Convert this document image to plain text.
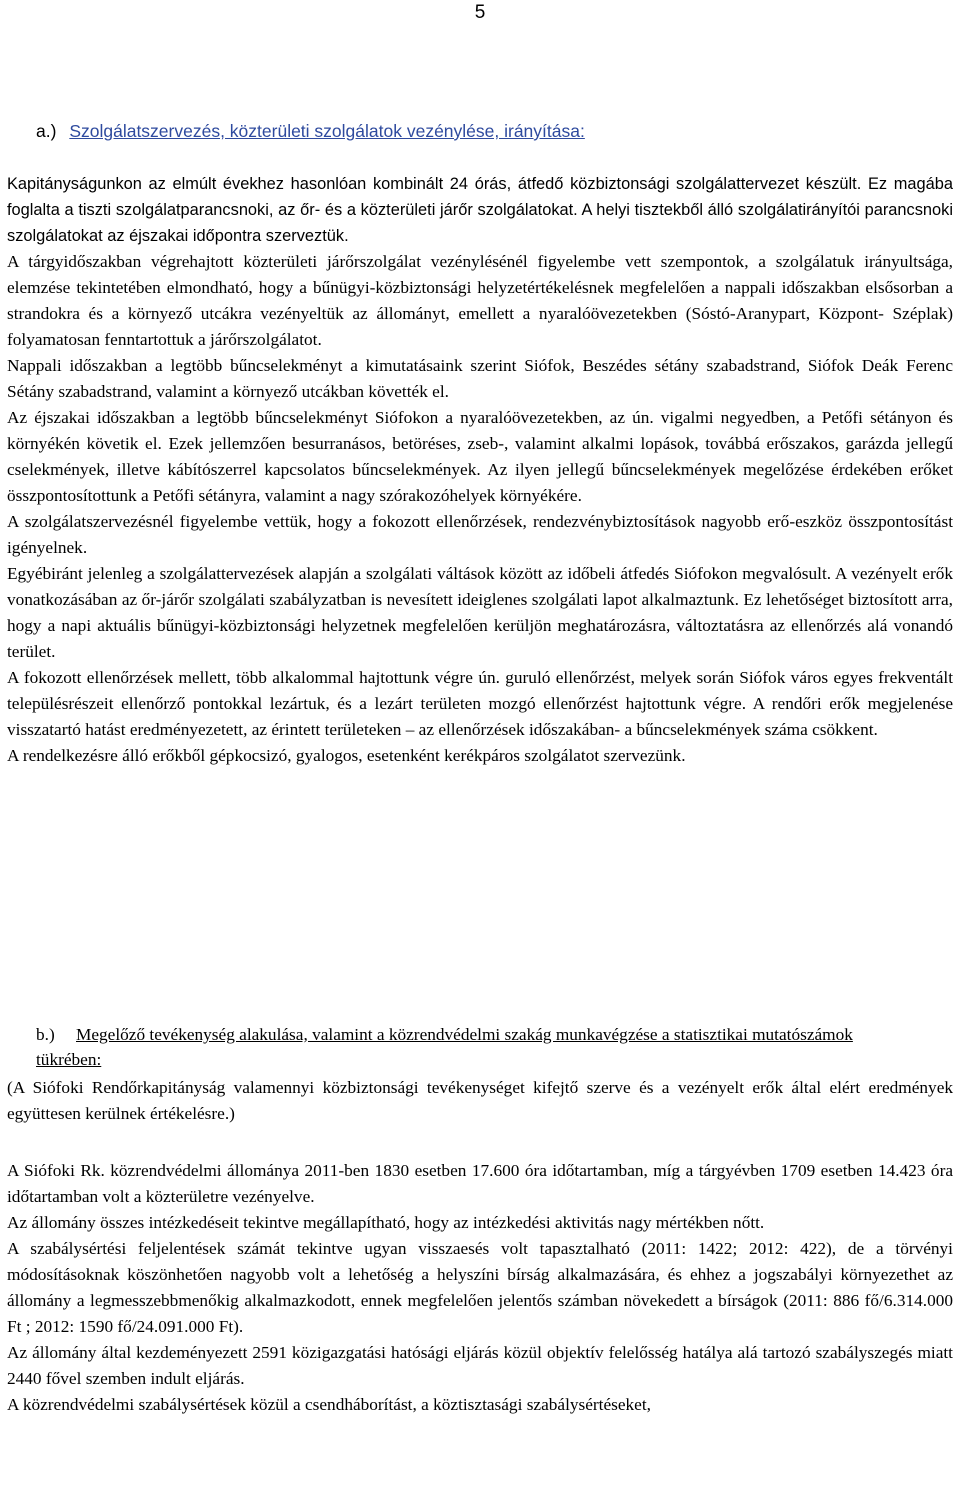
5
a.) Szolgálatszervezés, közterületi szolgálatok vezénylése, irányítása:

Kapitányságunkon az elmúlt évekhez hasonlóan kombinált 24 órás, átfedő közbiztonsági szolgálattervezet készült. Ez magába foglalta a tiszti szolgálatparancsnoki, az őr- és a közterületi járőr szolgálatokat. A helyi tisztekből álló szolgálatirányítói parancsnoki szolgálatokat az éjszakai időpontra szerveztük.

A tárgyidőszakban végrehajtott közterületi járőrszolgálat vezénylésénél figyelembe vett szempontok, a szolgálatuk irányultsága, elemzése tekintetében elmondható, hogy a bűnügyi-közbiztonsági helyzetértékelésnek megfelelően a nappali időszakban elsősorban a strandokra és a környező utcákra vezényeltük az állományt, emellett a nyaralóövezetekben (Sóstó-Aranypart, Központ- Széplak) folyamatosan fenntartottuk a járőrszolgálatot.

Nappali időszakban a legtöbb bűncselekményt a kimutatásaink szerint Siófok, Beszédes sétány szabadstrand, Siófok Deák Ferenc Sétány szabadstrand, valamint a környező utcákban követték el.

Az éjszakai időszakban a legtöbb bűncselekményt Siófokon a nyaralóövezetekben, az ún. vigalmi negyedben, a Petőfi sétányon és környékén követik el. Ezek jellemzően besurranásos, betöréses, zseb-, valamint alkalmi lopások, továbbá erőszakos, garázda jellegű cselekmények, illetve kábítószerrel kapcsolatos bűncselekmények. Az ilyen jellegű bűncselekmények megelőzése érdekében erőket összpontosítottunk a Petőfi sétányra, valamint a nagy szórakozóhelyek környékére.

A szolgálatszervezésnél figyelembe vettük, hogy a fokozott ellenőrzések, rendezvénybiztosítások nagyobb erő-eszköz összpontosítást igényelnek.

Egyébiránt jelenleg a szolgálattervezések alapján a szolgálati váltások között az időbeli átfedés Siófokon megvalósult. A vezényelt erők vonatkozásában az őr-járőr szolgálati szabályzatban is nevesített ideiglenes szolgálati lapot alkalmaztunk. Ez lehetőséget biztosított arra, hogy a napi aktuális bűnügyi-közbiztonsági helyzetnek megfelelően kerüljön meghatározásra, változtatásra az ellenőrzés alá vonandó terület.

A fokozott ellenőrzések mellett, több alkalommal hajtottunk végre ún. guruló ellenőrzést, melyek során Siófok város egyes frekventált településrészeit ellenőrző pontokkal lezártuk, és a lezárt területen mozgó ellenőrzést hajtottunk végre. A rendőri erők megjelenése visszatartó hatást eredményezetett, az érintett területeken – az ellenőrzések időszakában- a bűncselekmények száma csökkent.

A rendelkezésre álló erőkből gépkocsizó, gyalogos, esetenként kerékpáros szolgálatot szervezünk.

b.) Megelőző tevékenység alakulása, valamint a közrendvédelmi szakág munkavégzése a statisztikai mutatószámok tükrében:

(A Siófoki Rendőrkapitányság valamennyi közbiztonsági tevékenységet kifejtő szerve és a vezényelt erők által elért eredmények együttesen kerülnek értékelésre.)

A Siófoki Rk. közrendvédelmi állománya 2011-ben 1830 esetben 17.600 óra időtartamban, míg a tárgyévben 1709 esetben 14.423 óra időtartamban volt a közterületre vezényelve.

Az állomány összes intézkedéseit tekintve megállapítható, hogy az intézkedési aktivitás nagy mértékben nőtt.

A szabálysértési feljelentések számát tekintve ugyan visszaesés volt tapasztalható (2011: 1422; 2012: 422), de a törvényi módosításoknak köszönhetően nagyobb volt a lehetőség a helyszíni bírság alkalmazására, és ehhez a jogszabályi környezethet az állomány a legmesszebbmenőkig alkalmazkodott, ennek megfelelően jelentős számban növekedett a bírságok (2011: 886 fő/6.314.000 Ft ; 2012: 1590 fő/24.091.000 Ft).

Az állomány által kezdeményezett 2591 közigazgatási hatósági eljárás közül objektív felelősség hatálya alá tartozó szabályszegés miatt 2440 fővel szemben indult eljárás.

A közrendvédelmi szabálysértések közül a csendháborítást, a köztisztasági szabálysértéseket,
